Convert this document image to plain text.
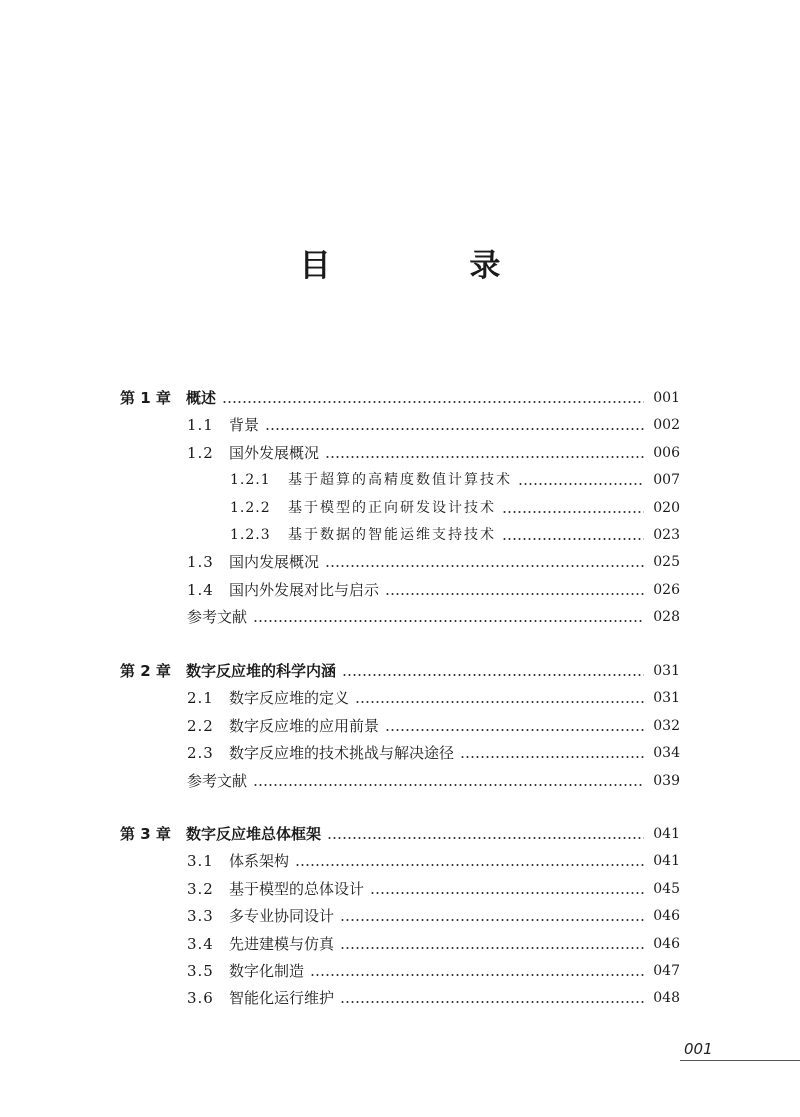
目 录
第 1 章	概述	001
1.1	背景	002
1.2	国外发展概况	006
1.2.1	基于超算的高精度数值计算技术	007
1.2.2	基于模型的正向研发设计技术	020
1.2.3	基于数据的智能运维支持技术	023
1.3	国内发展概况	025
1.4	国内外发展对比与启示	026
参考文献	028
第 2 章	数字反应堆的科学内涵	031
2.1	数字反应堆的定义	031
2.2	数字反应堆的应用前景	032
2.3	数字反应堆的技术挑战与解决途径	034
参考文献	039
第 3 章	数字反应堆总体框架	041
3.1	体系架构	041
3.2	基于模型的总体设计	045
3.3	多专业协同设计	046
3.4	先进建模与仿真	046
3.5	数字化制造	047
3.6	智能化运行维护	048
001
